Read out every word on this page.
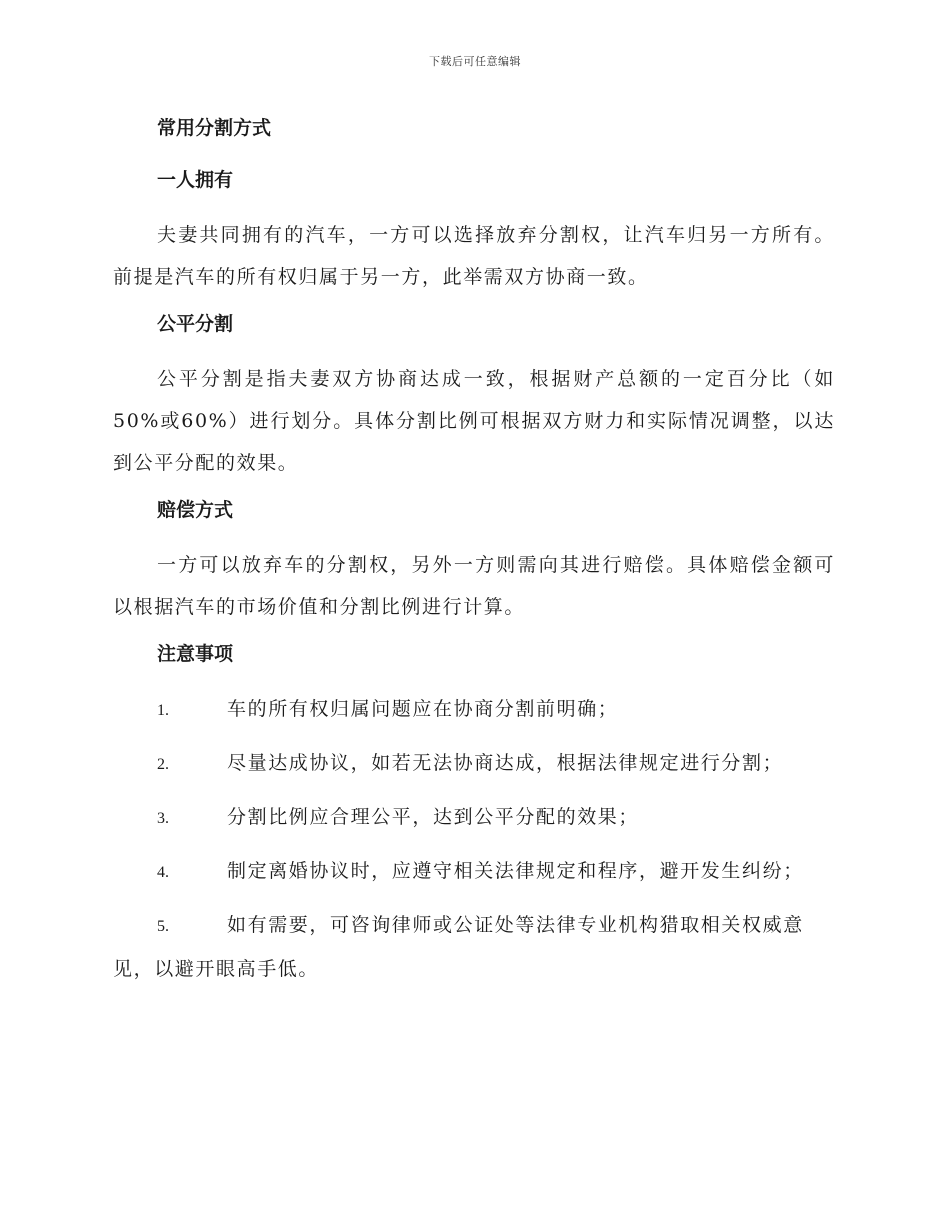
下载后可任意编辑
常用分割方式
一人拥有

夫妻共同拥有的汽车，一方可以选择放弃分割权，让汽车归另一方所有。前提是汽车的所有权归属于另一方，此举需双方协商一致。

公平分割

公平分割是指夫妻双方协商达成一致，根据财产总额的一定百分比（如50%或60%）进行划分。具体分割比例可根据双方财力和实际情况调整，以达到公平分配的效果。

赔偿方式

一方可以放弃车的分割权，另外一方则需向其进行赔偿。具体赔偿金额可以根据汽车的市场价值和分割比例进行计算。

注意事项
1.	车的所有权归属问题应在协商分割前明确；
2.	尽量达成协议，如若无法协商达成，根据法律规定进行分割；
3.	分割比例应合理公平，达到公平分配的效果；
4.	制定离婚协议时，应遵守相关法律规定和程序，避开发生纠纷；
5.	如有需要，可咨询律师或公证处等法律专业机构猎取相关权威意见，以避开眼高手低。
